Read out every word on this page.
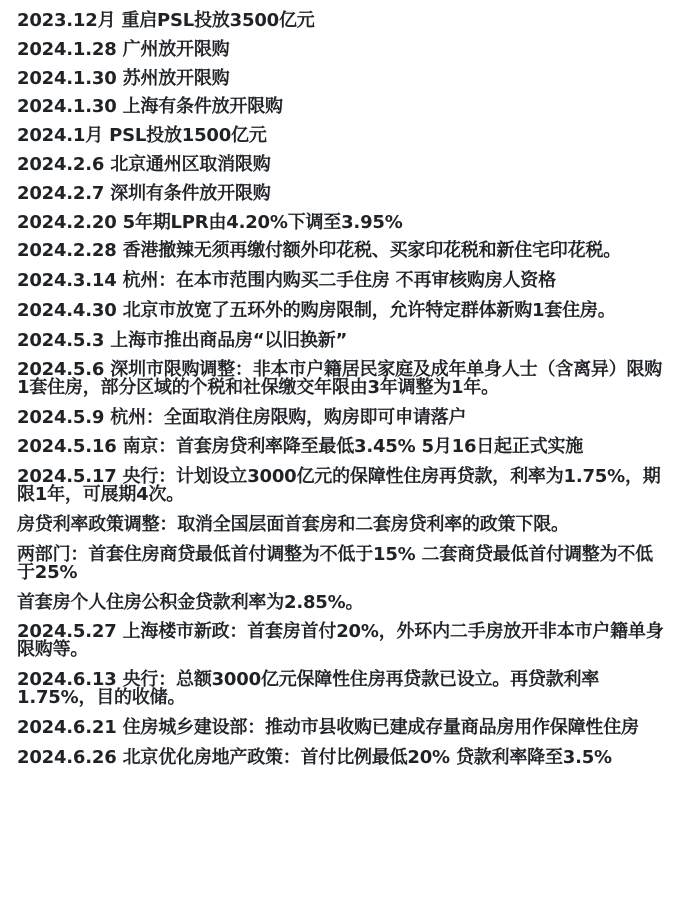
2023.12月 重启PSL投放3500亿元

2024.1.28 广州放开限购

2024.1.30 苏州放开限购

2024.1.30 上海有条件放开限购

2024.1月 PSL投放1500亿元

2024.2.6 北京通州区取消限购

2024.2.7 深圳有条件放开限购

2024.2.20 5年期LPR由4.20%下调至3.95%

2024.2.28 香港撤辣无须再缴付额外印花税、买家印花税和新住宅印花税。

2024.3.14 杭州：在本市范围内购买二手住房 不再审核购房人资格

2024.4.30 北京市放宽了五环外的购房限制，允许特定群体新购1套住房。

2024.5.3 上海市推出商品房“以旧换新”

2024.5.6 深圳市限购调整：非本市户籍居民家庭及成年单身人士（含离异）限购1套住房，部分区域的个税和社保缴交年限由3年调整为1年。

2024.5.9 杭州：全面取消住房限购，购房即可申请落户

2024.5.16 南京：首套房贷利率降至最低3.45% 5月16日起正式实施

2024.5.17 央行：计划设立3000亿元的保障性住房再贷款，利率为1.75%，期限1年，可展期4次。

房贷利率政策调整：取消全国层面首套房和二套房贷利率的政策下限。

两部门：首套住房商贷最低首付调整为不低于15% 二套商贷最低首付调整为不低于25%

首套房个人住房公积金贷款利率为2.85%。

2024.5.27 上海楼市新政：首套房首付20%，外环内二手房放开非本市户籍单身限购等。

2024.6.13 央行：总额3000亿元保障性住房再贷款已设立。再贷款利率1.75%，目的收储。

2024.6.21 住房城乡建设部：推动市县收购已建成存量商品房用作保障性住房

2024.6.26 北京优化房地产政策：首付比例最低20% 贷款利率降至3.5%
